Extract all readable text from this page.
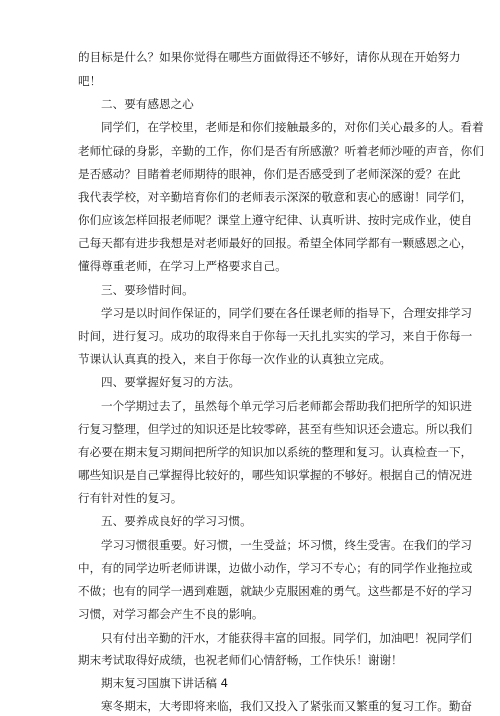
的目标是什么？如果你觉得在哪些方面做得还不够好，请你从现在开始努力

吧！

二、要有感恩之心

同学们，在学校里，老师是和你们接触最多的，对你们关心最多的人。看着

老师忙碌的身影，辛勤的工作，你们是否有所感激？听着老师沙哑的声音，你们

是否感动？目睹着老师期待的眼神，你们是否感受到了老师深深的爱？在此

我代表学校，对辛勤培育你们的老师表示深深的敬意和衷心的感谢！同学们，

你们应该怎样回报老师呢？课堂上遵守纪律、认真听讲、按时完成作业，使自

己每天都有进步我想是对老师最好的回报。希望全体同学都有一颗感恩之心，

懂得尊重老师，在学习上严格要求自己。

三、要珍惜时间。

学习是以时间作保证的，同学们要在各任课老师的指导下，合理安排学习

时间，进行复习。成功的取得来自于你每一天扎扎实实的学习，来自于你每一

节课认认真真的投入，来自于你每一次作业的认真独立完成。

四、要掌握好复习的方法。

一个学期过去了，虽然每个单元学习后老师都会帮助我们把所学的知识进

行复习整理，但学过的知识还是比较零碎，甚至有些知识还会遗忘。所以我们

有必要在期末复习期间把所学的知识加以系统的整理和复习。认真检查一下，

哪些知识是自己掌握得比较好的，哪些知识掌握的不够好。根据自己的情况进

行有针对性的复习。

五、要养成良好的学习习惯。

学习习惯很重要。好习惯，一生受益；坏习惯，终生受害。在我们的学习

中，有的同学边听老师讲课，边做小动作，学习不专心；有的同学作业拖拉或

不做；也有的同学一遇到难题，就缺少克服困难的勇气。这些都是不好的学习

习惯，对学习都会产生不良的影响。

只有付出辛勤的汗水，才能获得丰富的回报。同学们，加油吧！祝同学们

期末考试取得好成绩，也祝老师们心情舒畅，工作快乐！谢谢！

期末复习国旗下讲话稿 4

寒冬期末，大考即将来临，我们又投入了紧张而又繁重的复习工作。勤奋
